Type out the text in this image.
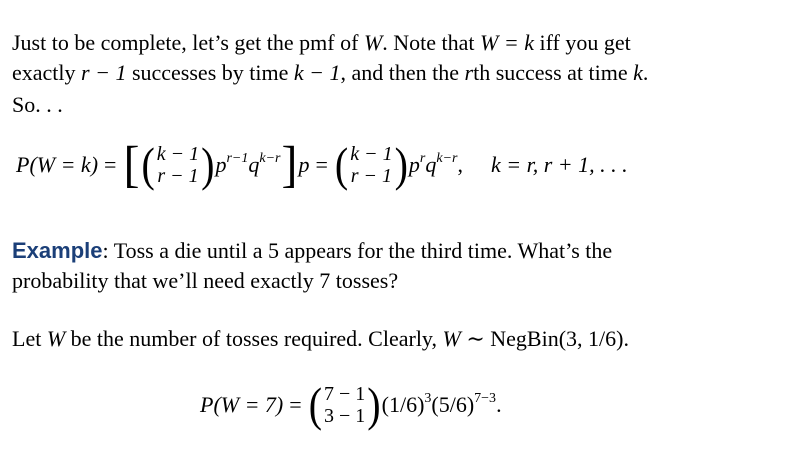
Just to be complete, let’s get the pmf of W. Note that W = k iff you get
exactly r − 1 successes by time k − 1, and then the rth success at time k.
So. . .
P(W = k) = [ ( k − 1
r − 1 ) $p^{r-1}$ $q^{k-r}$ ] p = ( k − 1
r − 1 ) $p^r$ $q^{k-r}$ , k = r, r + 1, . . .
Example: Toss a die until a 5 appears for the third time. What’s the
probability that we’ll need exactly 7 tosses?
Let W be the number of tosses required. Clearly, W ∼ NegBin(3, 1/6).
P(W = 7) = ( 7 − 1
3 − 1 ) $(1/6)^3$ $(5/6)^{7-3}$ .
